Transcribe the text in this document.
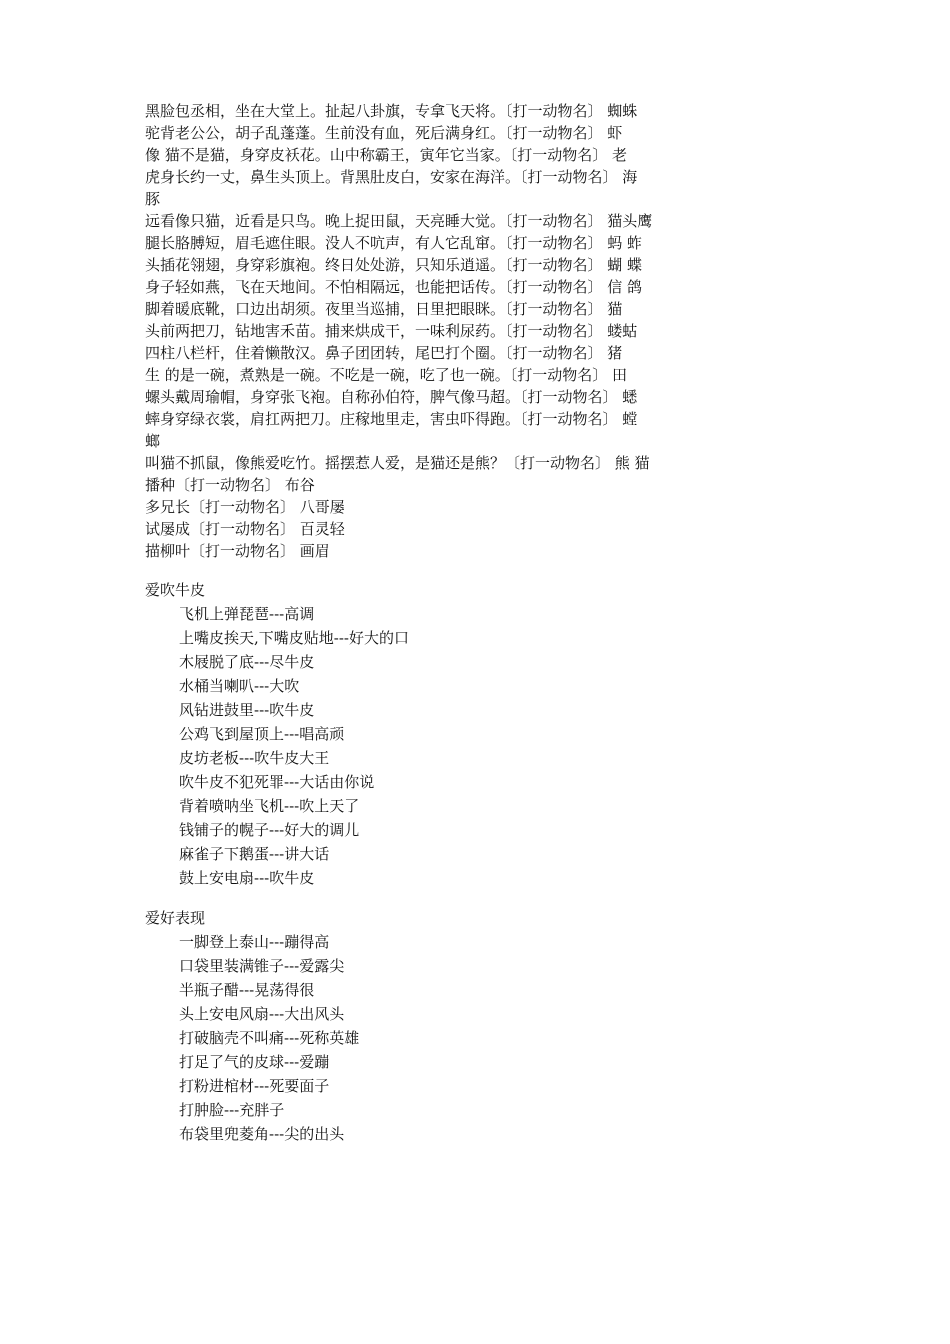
黑脸包丞相，坐在大堂上。扯起八卦旗，专拿飞天将。〔打一动物名〕 蜘蛛
驼背老公公，胡子乱蓬蓬。生前没有血，死后满身红。〔打一动物名〕 虾
像 猫不是猫，身穿皮袄花。山中称霸王，寅年它当家。〔打一动物名〕 老
虎身长约一丈，鼻生头顶上。背黑肚皮白，安家在海洋。〔打一动物名〕 海
豚
远看像只猫，近看是只鸟。晚上捉田鼠，天亮睡大觉。〔打一动物名〕 猫头鹰
腿长胳膊短，眉毛遮住眼。没人不吭声，有人它乱窜。〔打一动物名〕 蚂 蚱
头插花翎翅，身穿彩旗袍。终日处处游，只知乐逍遥。〔打一动物名〕 蝴 蝶
身子轻如燕，飞在天地间。不怕相隔远，也能把话传。〔打一动物名〕 信 鸽
脚着暖底靴，口边出胡须。夜里当巡捕，日里把眼眯。〔打一动物名〕 猫
头前两把刀，钻地害禾苗。捕来烘成干，一味利尿药。〔打一动物名〕 蝼蛄
四柱八栏杆，住着懒散汉。鼻子团团转，尾巴打个圈。〔打一动物名〕 猪
生 的是一碗，煮熟是一碗。不吃是一碗，吃了也一碗。〔打一动物名〕 田
螺头戴周瑜帽，身穿张飞袍。自称孙伯符，脾气像马超。〔打一动物名〕 蟋
蟀身穿绿衣裳，肩扛两把刀。庄稼地里走，害虫吓得跑。〔打一动物名〕 螳
螂
叫猫不抓鼠，像熊爱吃竹。摇摆惹人爱，是猫还是熊？〔打一动物名〕 熊 猫
播种〔打一动物名〕 布谷
多兄长〔打一动物名〕 八哥屡
试屡成〔打一动物名〕 百灵轻
描柳叶〔打一动物名〕 画眉
爱吹牛皮
飞机上弹琵琶---高调
上嘴皮挨天,下嘴皮贴地---好大的口
木屐脱了底---尽牛皮
水桶当喇叭---大吹
风钻进鼓里---吹牛皮
公鸡飞到屋顶上---唱高顽
皮坊老板---吹牛皮大王
吹牛皮不犯死罪---大话由你说
背着喷呐坐飞机---吹上天了
钱铺子的幌子---好大的调儿
麻雀子下鹅蛋---讲大话
鼓上安电扇---吹牛皮
爱好表现
一脚登上泰山---蹦得高
口袋里装满锥子---爱露尖
半瓶子醋---晃荡得很
头上安电风扇---大出风头
打破脑壳不叫痛---死称英雄
打足了气的皮球---爱蹦
打粉进棺材---死要面子
打肿脸---充胖子
布袋里兜菱角---尖的出头
